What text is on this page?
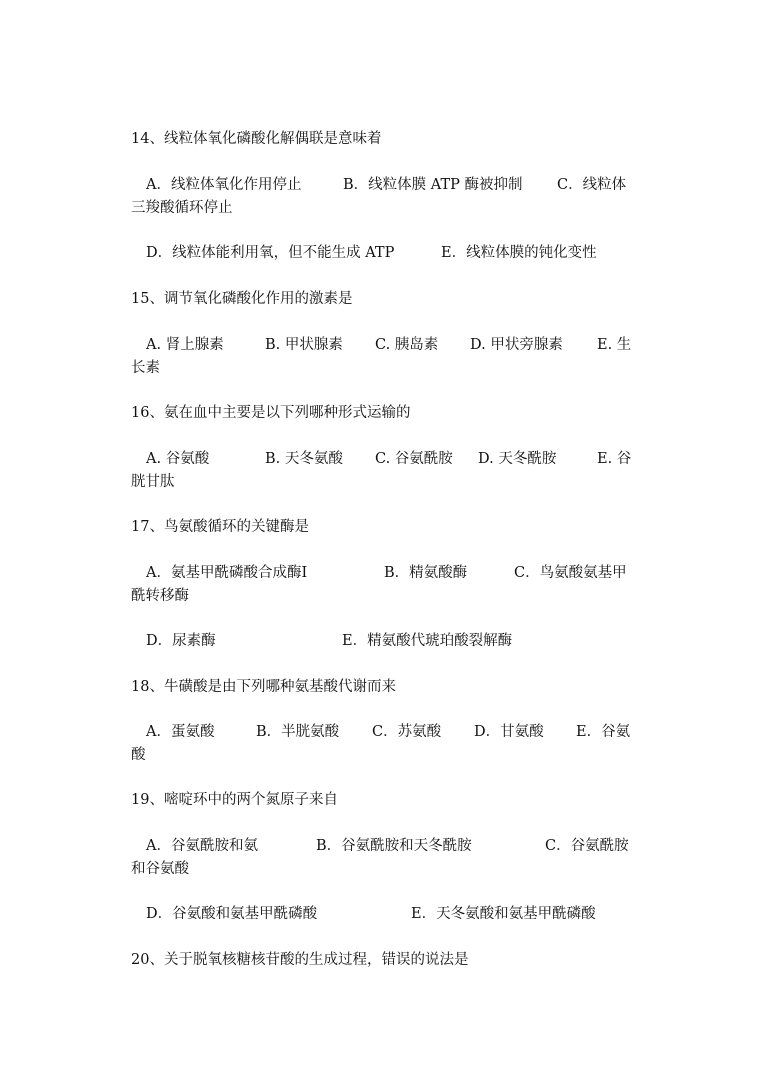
14、线粒体氧化磷酸化解偶联是意味着
A．线粒体氧化作用停止	B．线粒体膜 ATP 酶被抑制 C．线粒体
三羧酸循环停止
D．线粒体能利用氧，但不能生成 ATP	E．线粒体膜的钝化变性
15、调节氧化磷酸化作用的激素是
A. 肾上腺素	B. 甲状腺素 C. 胰岛素 D. 甲状旁腺素 E. 生
长素
16、氨在血中主要是以下列哪种形式运输的
A. 谷氨酸	B. 天冬氨酸 C. 谷氨酰胺 D. 天冬酰胺	E. 谷
胱甘肽
17、鸟氨酸循环的关键酶是
A．氨基甲酰磷酸合成酶Ⅰ	B．精氨酸酶	C．鸟氨酸氨基甲
酰转移酶
D．尿素酶	E．精氨酸代琥珀酸裂解酶
18、牛磺酸是由下列哪种氨基酸代谢而来
A．蛋氨酸	B．半胱氨酸 C．苏氨酸 D．甘氨酸 E．谷氨
酸
19、嘧啶环中的两个氮原子来自
A．谷氨酰胺和氨	B．谷氨酰胺和天冬酰胺	C．谷氨酰胺
和谷氨酸
D．谷氨酸和氨基甲酰磷酸	E．天冬氨酸和氨基甲酰磷酸
20、关于脱氧核糖核苷酸的生成过程，错误的说法是
